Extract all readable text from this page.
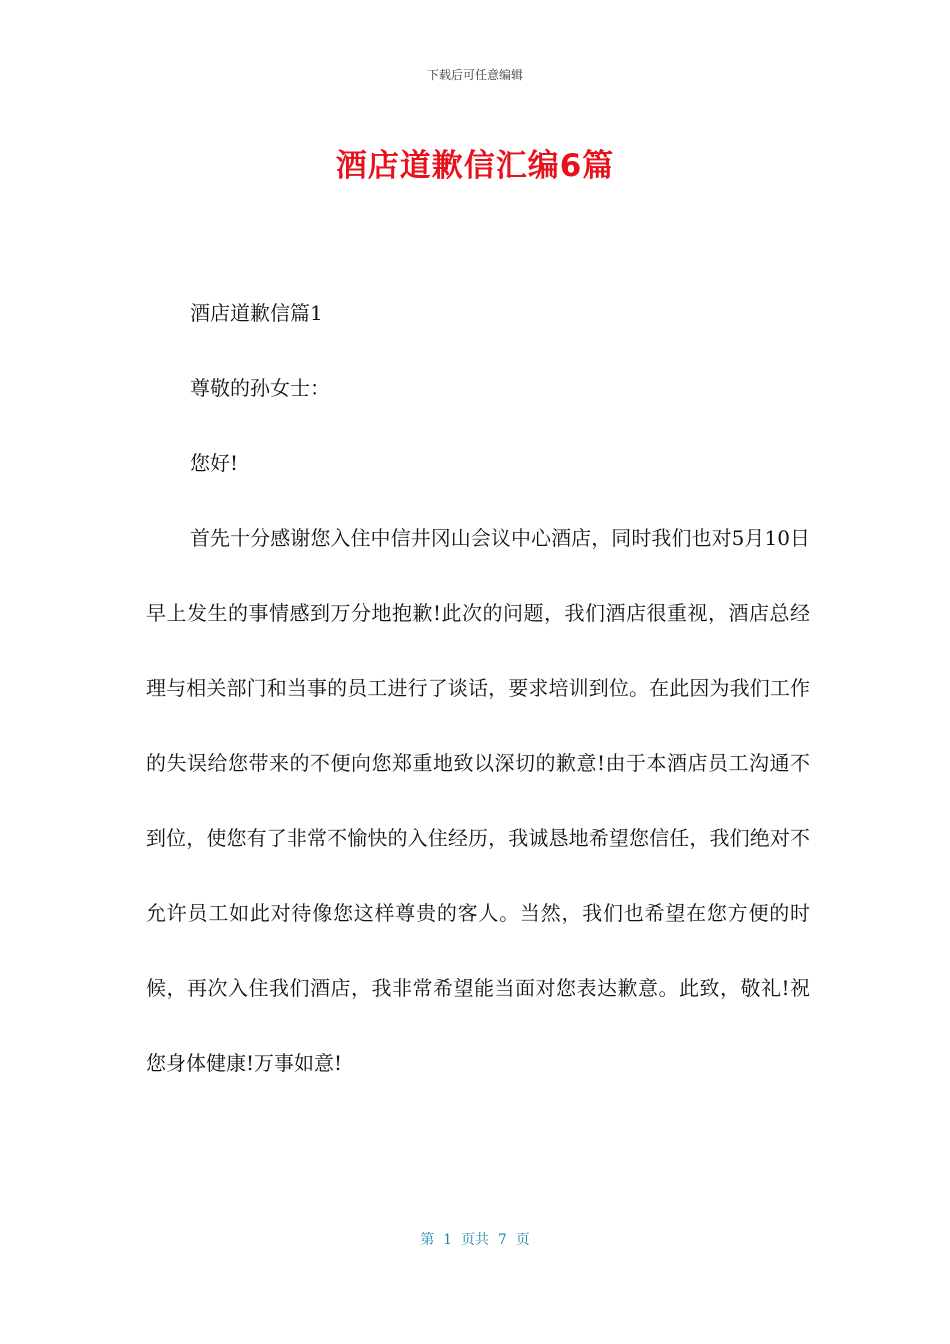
下载后可任意编辑
酒店道歉信汇编6篇

酒店道歉信篇1

尊敬的孙女士：

您好!

首先十分感谢您入住中信井冈山会议中心酒店，同时我们也对5月10日早上发生的事情感到万分地抱歉!此次的问题，我们酒店很重视，酒店总经理与相关部门和当事的员工进行了谈话，要求培训到位。在此因为我们工作的失误给您带来的不便向您郑重地致以深切的歉意!由于本酒店员工沟通不到位，使您有了非常不愉快的入住经历，我诚恳地希望您信任，我们绝对不允许员工如此对待像您这样尊贵的客人。当然，我们也希望在您方便的时候，再次入住我们酒店，我非常希望能当面对您表达歉意。此致，敬礼!祝您身体健康!万事如意!

第  1  页共  7  页
